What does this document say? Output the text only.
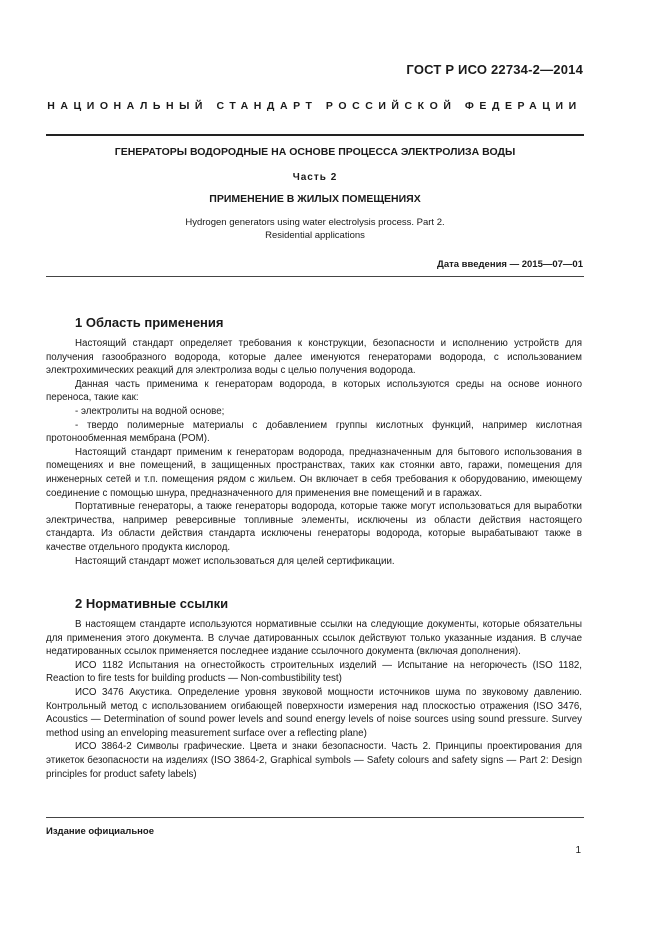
ГОСТ Р ИСО 22734-2—2014
НАЦИОНАЛЬНЫЙ СТАНДАРТ РОССИЙСКОЙ ФЕДЕРАЦИИ
ГЕНЕРАТОРЫ ВОДОРОДНЫЕ НА ОСНОВЕ ПРОЦЕССА ЭЛЕКТРОЛИЗА ВОДЫ
Часть 2
ПРИМЕНЕНИЕ В ЖИЛЫХ ПОМЕЩЕНИЯХ
Hydrogen generators using water electrolysis process. Part 2.
Residential applications
Дата введения — 2015—07—01
1 Область применения

Настоящий стандарт определяет требования к конструкции, безопасности и исполнению устройств для получения газообразного водорода, которые далее именуются генераторами водорода, с использованием электрохимических реакций для электролиза воды с целью получения водорода.

Данная часть применима к генераторам водорода, в которых используются среды на основе ионного переноса, такие как:

- электролиты на водной основе;

- твердо полимерные материалы с добавлением группы кислотных функций, например кислотная протонообменная мембрана (POM).

Настоящий стандарт применим к генераторам водорода, предназначенным для бытового использования в помещениях и вне помещений, в защищенных пространствах, таких как стоянки авто, гаражи, помещения для инженерных сетей и т.п. помещения рядом с жильем. Он включает в себя требования к оборудованию, имеющему соединение с помощью шнура, предназначенного для применения вне помещений и в гаражах.

Портативные генераторы, а также генераторы водорода, которые также могут использоваться для выработки электричества, например реверсивные топливные элементы, исключены из области действия настоящего стандарта. Из области действия стандарта исключены генераторы водорода, которые вырабатывают также в качестве отдельного продукта кислород.

Настоящий стандарт может использоваться для целей сертификации.

2 Нормативные ссылки

В настоящем стандарте используются нормативные ссылки на следующие документы, которые обязательны для применения этого документа. В случае датированных ссылок действуют только указанные издания. В случае недатированных ссылок применяется последнее издание ссылочного документа (включая дополнения).

ИСО 1182 Испытания на огнестойкость строительных изделий — Испытание на негорючесть (ISO 1182, Reaction to fire tests for building products — Non-combustibility test)

ИСО 3476 Акустика. Определение уровня звуковой мощности источников шума по звуковому давлению. Контрольный метод с использованием огибающей поверхности измерения над плоскостью отражения (ISO 3476, Acoustics — Determination of sound power levels and sound energy levels of noise sources using sound pressure. Survey method using an enveloping measurement surface over a reflecting plane)

ИСО 3864-2 Символы графические. Цвета и знаки безопасности. Часть 2. Принципы проектирования для этикеток безопасности на изделиях (ISO 3864-2, Graphical symbols — Safety colours and safety signs — Part 2: Design principles for product safety labels)

Издание официальное
1
